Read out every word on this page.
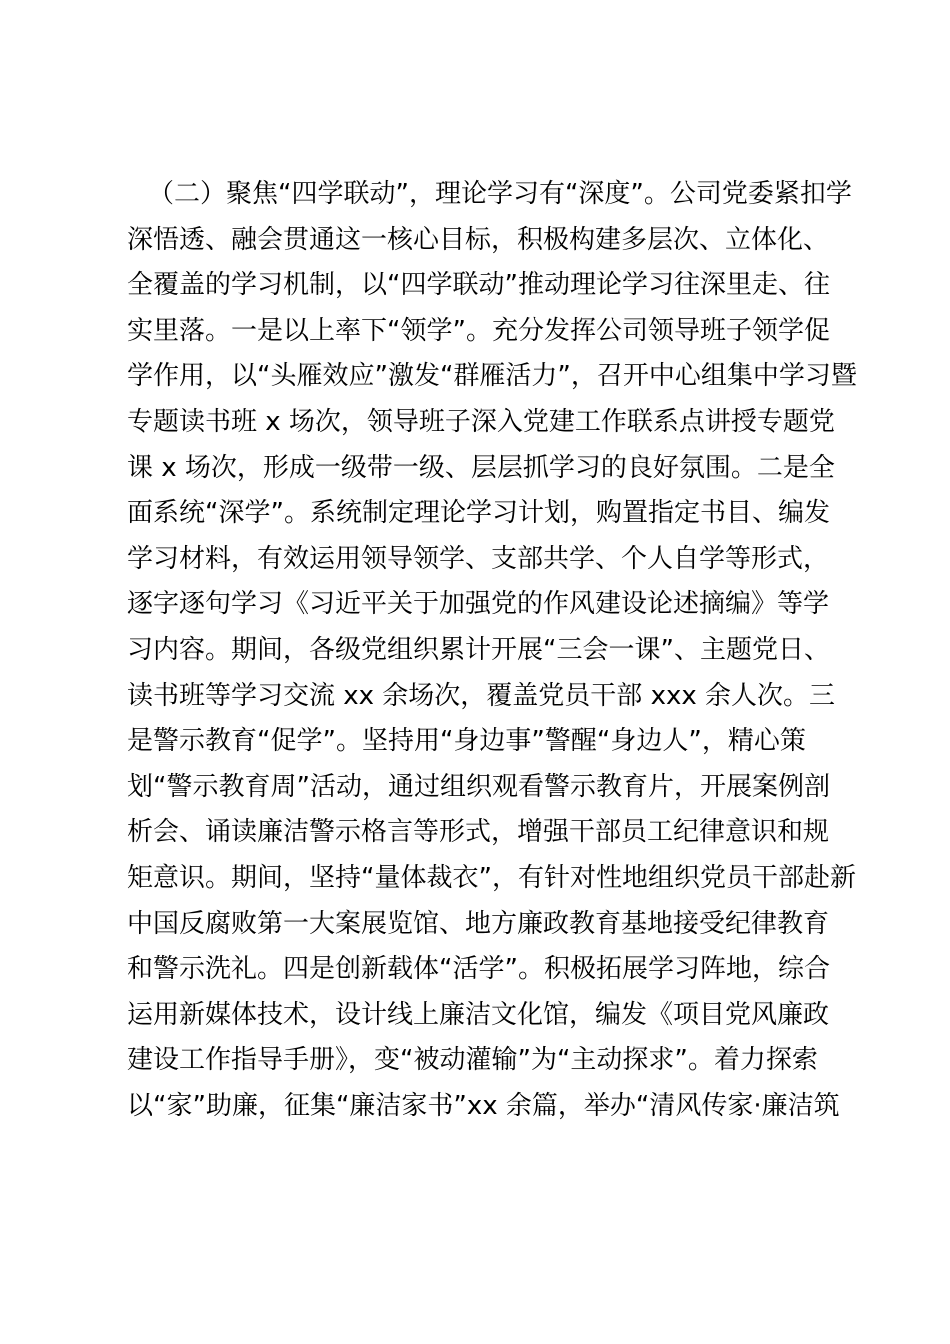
（二）聚焦“四学联动”，理论学习有“深度”。公司党委紧扣学
深悟透、融会贯通这一核心目标，积极构建多层次、立体化、
全覆盖的学习机制，以“四学联动”推动理论学习往深里走、往
实里落。一是以上率下“领学”。充分发挥公司领导班子领学促
学作用，以“头雁效应”激发“群雁活力”，召开中心组集中学习暨
专题读书班 x 场次，领导班子深入党建工作联系点讲授专题党
课 x 场次，形成一级带一级、层层抓学习的良好氛围。二是全
面系统“深学”。系统制定理论学习计划，购置指定书目、编发
学习材料，有效运用领导领学、支部共学、个人自学等形式，
逐字逐句学习《习近平关于加强党的作风建设论述摘编》等学
习内容。期间，各级党组织累计开展“三会一课”、主题党日、
读书班等学习交流 xx 余场次，覆盖党员干部 xxx 余人次。三
是警示教育“促学”。坚持用“身边事”警醒“身边人”，精心策
划“警示教育周”活动，通过组织观看警示教育片，开展案例剖
析会、诵读廉洁警示格言等形式，增强干部员工纪律意识和规
矩意识。期间，坚持“量体裁衣”，有针对性地组织党员干部赴新
中国反腐败第一大案展览馆、地方廉政教育基地接受纪律教育
和警示洗礼。四是创新载体“活学”。积极拓展学习阵地，综合
运用新媒体技术，设计线上廉洁文化馆，编发《项目党风廉政
建设工作指导手册》，变“被动灌输”为“主动探求”。着力探索
以“家”助廉，征集“廉洁家书”xx 余篇，举办“清风传家·廉洁筑
